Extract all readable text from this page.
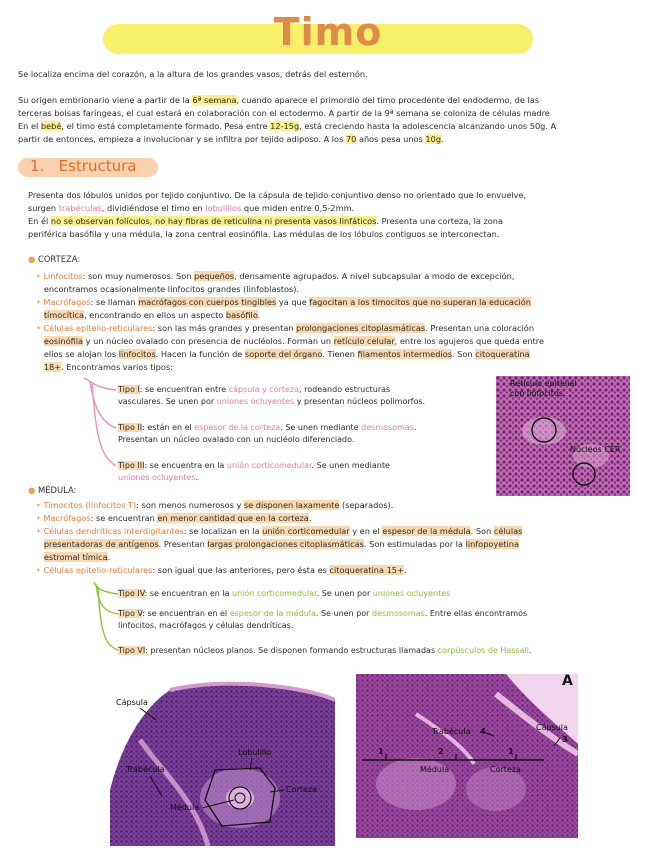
Timo
Se localiza encima del corazón, a la altura de los grandes vasos, detrás del esternón.
Su origen embrionario viene a partir de la 6ª semana, cuando aparece el primordio del timo procedente del endodermo, de las
terceras bolsas faríngeas, el cual estará en colaboración con el ectodermo. A partir de la 9ª semana se coloniza de células madre
En el bebé, el timo está completamente formado. Pesa entre 12-15g, está creciendo hasta la adolescencia alcanzando unos 50g. A
partir de entonces, empieza a involucionar y se infiltra por tejido adiposo. A los 70 años pesa unos 10g.
1. Estructura
Presenta dos lóbulos unidos por tejido conjuntivo. De la cápsula de tejido conjuntivo denso no orientado que lo envuelve,
surgen trabéculas, dividiéndose el timo en lobulillos que miden entre 0,5-2mm.
En él no se observan folículos, no hay fibras de reticulina ni presenta vasos linfáticos. Presenta una corteza, la zona
periférica basófila y una médula, la zona central eosinófila. Las médulas de los lóbulos contiguos se interconectan.
● CORTEZA:
• Linfocitos: son muy numerosos. Son pequeños, densamente agrupados. A nivel subcapsular a modo de excepción,
encontramos ocasionalmente linfocitos grandes (linfoblastos).
• Macrófagos: se llaman macrófagos con cuerpos tingibles ya que fagocitan a los timocitos que no superan la educación
tímocítica, encontrando en ellos un aspecto basófilo.
• Células epitelio-reticulares: son las más grandes y presentan prolongaciones citoplasmáticas. Presentan una coloración
eosinófila y un núcleo ovalado con presencia de nucléolos. Forman un retículo celular, entre los agujeros que queda entre
ellos se alojan los linfocitos. Hacen la función de soporte del órgano. Tienen filamentos intermedios. Son citoqueratina
18+. Encontramos varios tipos:
Tipo I: se encuentran entre cápsula y corteza, rodeando estructuras
vasculares. Se unen por uniones ocluyentes y presentan núcleos polimorfos.
Tipo II: están en el espesor de la corteza. Se unen mediante desmosomas.
Presentan un núcleo ovalado con un nucléolo diferenciado.
Tipo III: se encuentra en la unión corticomedular. Se unen mediante
uniones ocluyentes.
Reticulo epitelial
con linfocitos
Núcleos CER
● MÉDULA:
• Timocitos (linfocitos T): son menos numerosos y se disponen laxamente (separados).
• Macrófagos: se encuentran en menor cantidad que en la corteza.
• Células dendríticas interdigitantes: se localizan en la unión corticomedular y en el espesor de la médula. Son células
presentadoras de antígenos. Presentan largas prolongaciones citoplasmáticas. Son estimuladas por la linfopoyetina
estromal tímica.
• Células epitelio-reticulares: son igual que las anteriores, pero ésta es citoqueratina 15+.
Tipo IV: se encuentran en la unión corticomedular. Se unen por uniones ocluyentes
Tipo V: se encuentran en el espesor de la médula. Se unen por desmosomas. Entre ellas encontramos
linfocitos, macrófagos y células dendríticas.
Tipo VI: presentan núcleos planos. Se disponen formando estructuras llamadas corpúsculos de Hassall.
Cápsula
Trabécula
Lobulillo
Corteza
Médula
A
Trabécula 4	Cápsula
3
1	2	1
Médula	Corteza
